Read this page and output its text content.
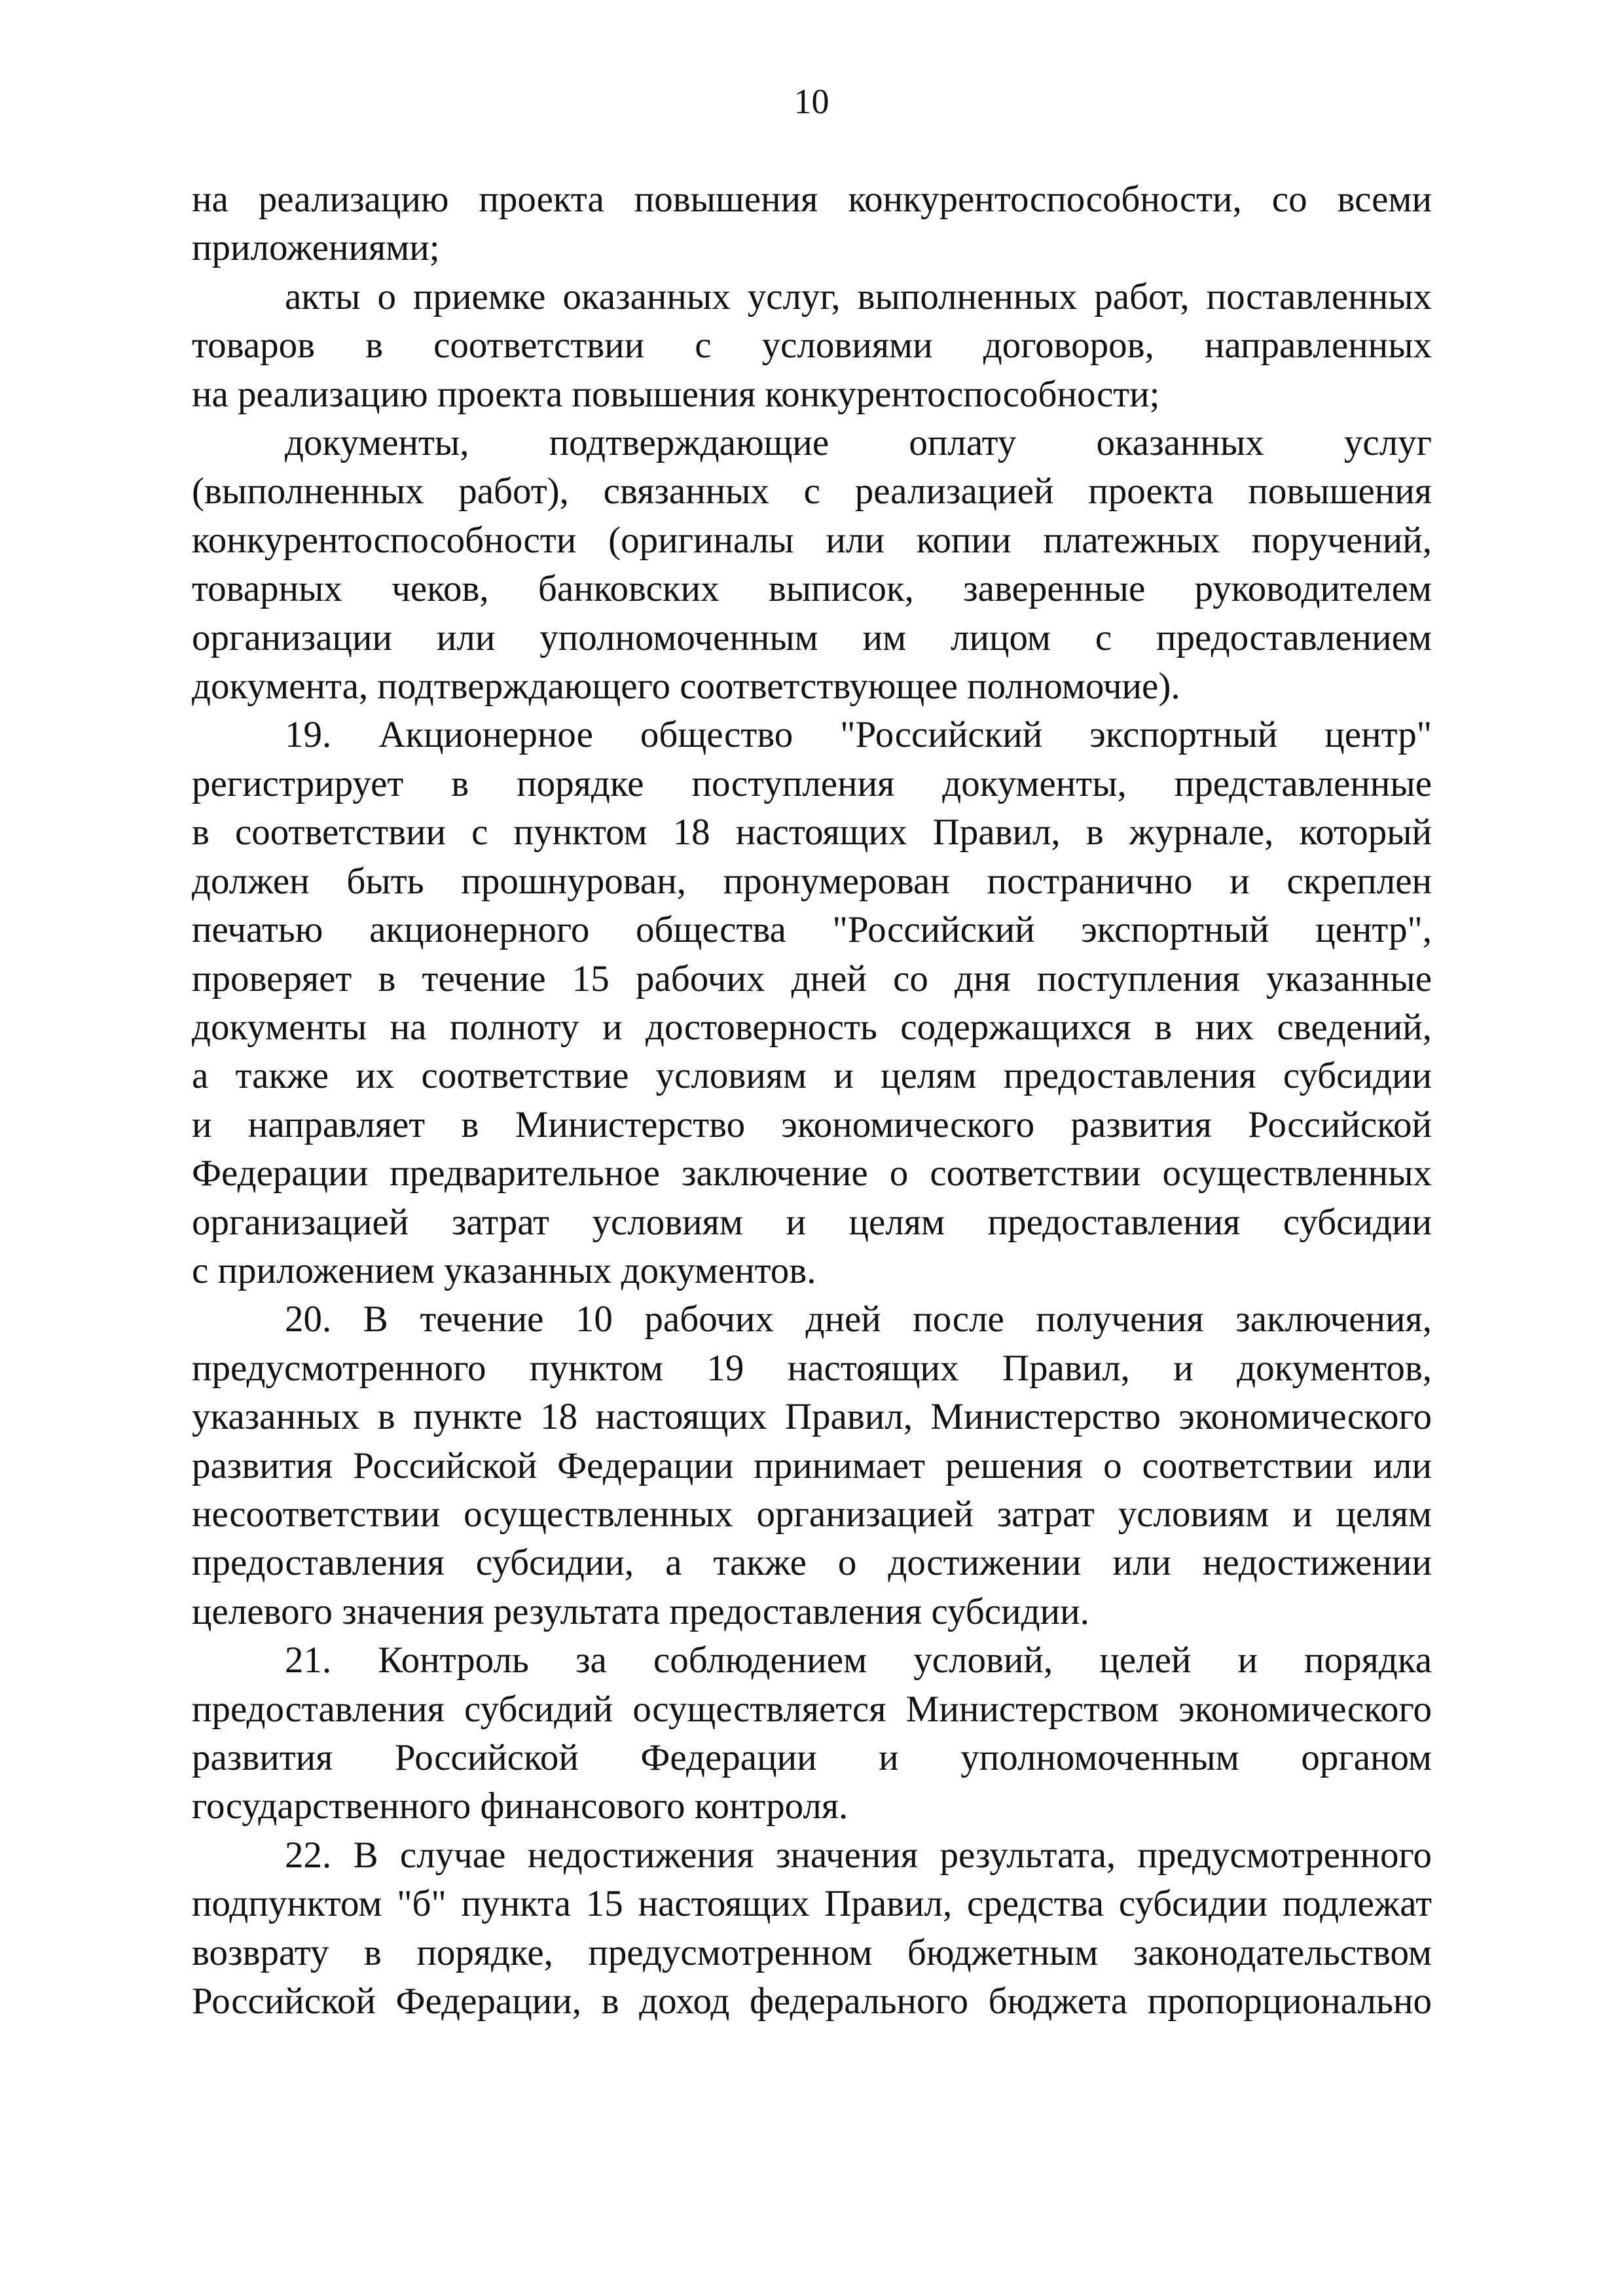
10
на реализацию проекта повышения конкурентоспособности, со всеми
приложениями;
акты о приемке оказанных услуг, выполненных работ, поставленных
товаров в соответствии с условиями договоров, направленных
на реализацию проекта повышения конкурентоспособности;
документы, подтверждающие оплату оказанных услуг
(выполненных работ), связанных с реализацией проекта повышения
конкурентоспособности (оригиналы или копии платежных поручений,
товарных чеков, банковских выписок, заверенные руководителем
организации или уполномоченным им лицом с предоставлением
документа, подтверждающего соответствующее полномочие).
19. Акционерное общество "Российский экспортный центр"
регистрирует в порядке поступления документы, представленные
в соответствии с пунктом 18 настоящих Правил, в журнале, который
должен быть прошнурован, пронумерован постранично и скреплен
печатью акционерного общества "Российский экспортный центр",
проверяет в течение 15 рабочих дней со дня поступления указанные
документы на полноту и достоверность содержащихся в них сведений,
а также их соответствие условиям и целям предоставления субсидии
и направляет в Министерство экономического развития Российской
Федерации предварительное заключение о соответствии осуществленных
организацией затрат условиям и целям предоставления субсидии
с приложением указанных документов.
20. В течение 10 рабочих дней после получения заключения,
предусмотренного пунктом 19 настоящих Правил, и документов,
указанных в пункте 18 настоящих Правил, Министерство экономического
развития Российской Федерации принимает решения о соответствии или
несоответствии осуществленных организацией затрат условиям и целям
предоставления субсидии, а также о достижении или недостижении
целевого значения результата предоставления субсидии.
21. Контроль за соблюдением условий, целей и порядка
предоставления субсидий осуществляется Министерством экономического
развития Российской Федерации и уполномоченным органом
государственного финансового контроля.
22. В случае недостижения значения результата, предусмотренного
подпунктом "б" пункта 15 настоящих Правил, средства субсидии подлежат
возврату в порядке, предусмотренном бюджетным законодательством
Российской Федерации, в доход федерального бюджета пропорционально
